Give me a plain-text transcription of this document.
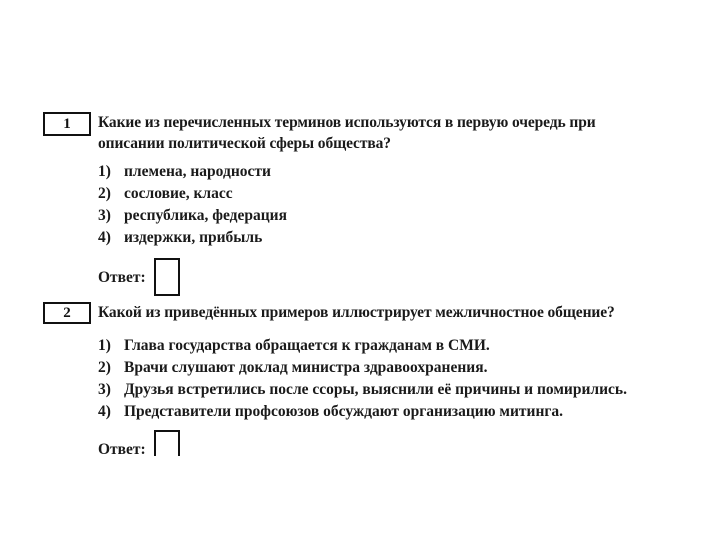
1	Какие из перечисленных терминов используются в первую очередь при описании политической сферы общества?
1) племена, народности
2) сословие, класс
3) республика, федерация
4) издержки, прибыль
Ответ:
2	Какой из приведённых примеров иллюстрирует межличностное общение?
1) Глава государства обращается к гражданам в СМИ.
2) Врачи слушают доклад министра здравоохранения.
3) Друзья встретились после ссоры, выяснили её причины и помирились.
4) Представители профсоюзов обсуждают организацию митинга.
Ответ:
